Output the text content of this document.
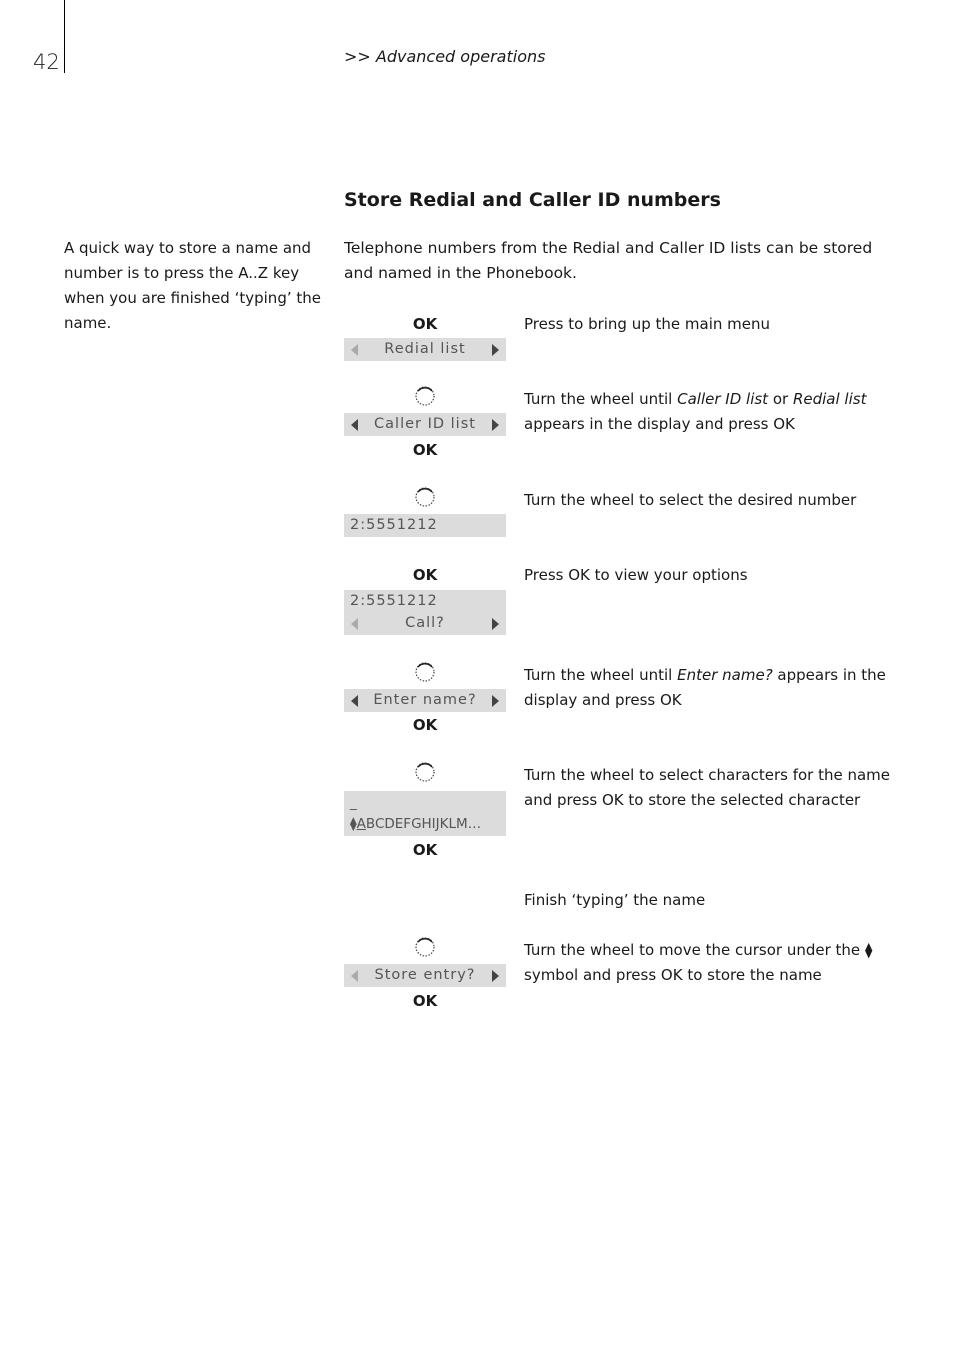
42	>> Advanced operations
Store Redial and Caller ID numbers
A quick way to store a name and number is to press the A..Z key when you are finished ‘typing’ the name.
Telephone numbers from the Redial and Caller ID lists can be stored and named in the Phonebook.
OK
Redial list
Press to bring up the main menu
Caller ID list
OK
Turn the wheel until Caller ID list or Redial list appears in the display and press OK
2:5551212
Turn the wheel to select the desired number
OK
2:5551212
Call?
Press OK to view your options
Enter name?
OK
Turn the wheel until Enter name? appears in the display and press OK
_
⧫ABCDEFGHIJKLM…
OK
Turn the wheel to select characters for the name and press OK to store the selected character
Finish ‘typing’ the name
Store entry?
OK
Turn the wheel to move the cursor under the ⧫ symbol and press OK to store the name
